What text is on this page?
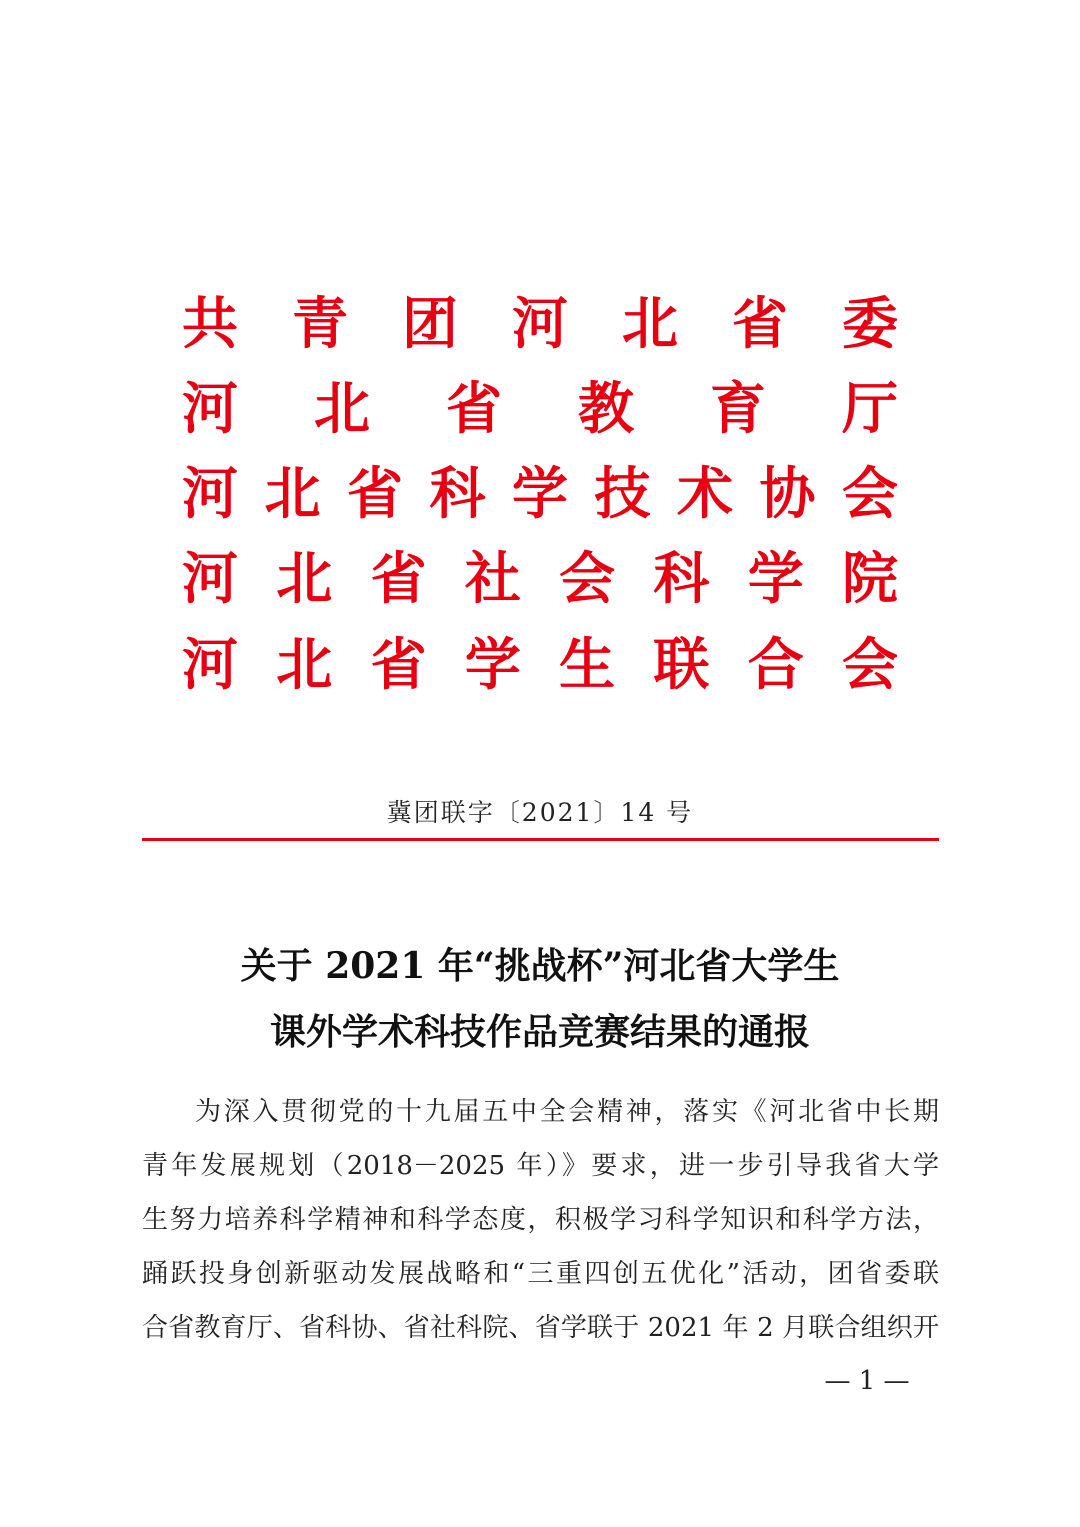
共 青 团 河 北 省 委
河 北 省 教 育 厅
河 北 省 科 学 技 术 协 会
河 北 省 社 会 科 学 院
河 北 省 学 生 联 合 会
冀团联字〔2021〕14 号
关于 2021 年“挑战杯”河北省大学生
课外学术科技作品竞赛结果的通报
为深入贯彻党的十九届五中全会精神，落实《河北省中长期
青年发展规划（2018－2025 年）》要求，进一步引导我省大学
生努力培养科学精神和科学态度，积极学习科学知识和科学方法，
踊跃投身创新驱动发展战略和“三重四创五优化”活动，团省委联
合省教育厅、省科协、省社科院、省学联于 2021 年 2 月联合组织开
— 1 —
